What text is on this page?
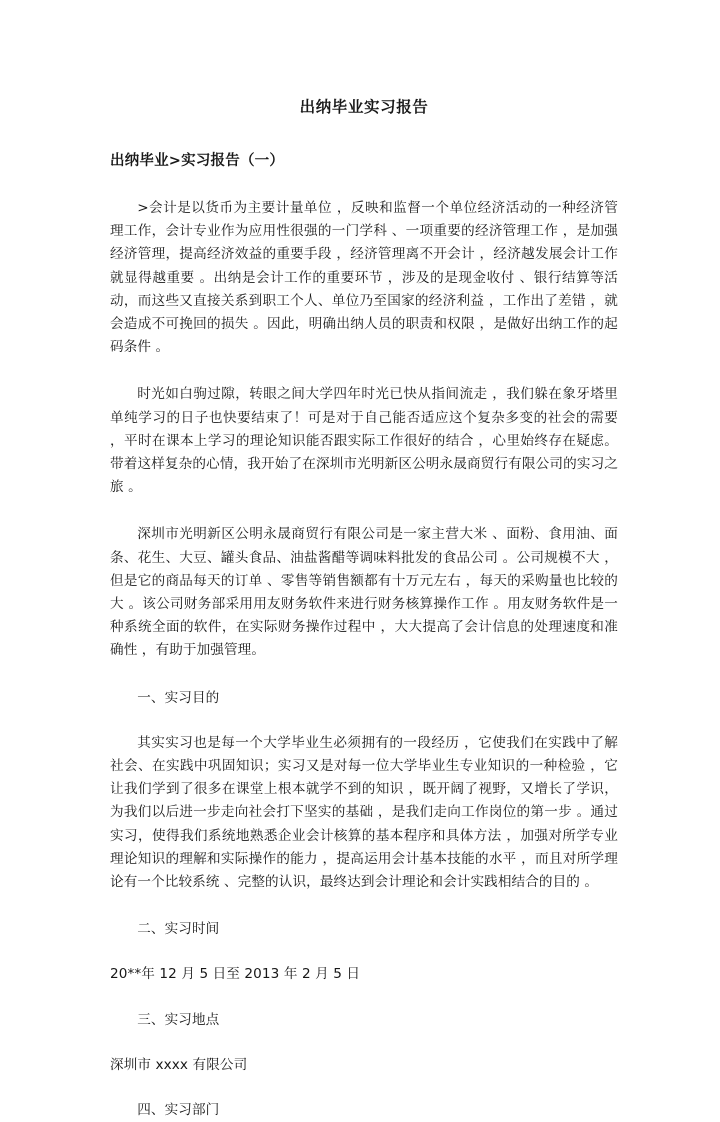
出纳毕业实习报告
出纳毕业>实习报告（一）

>会计是以货币为主要计量单位 ，反映和监督一个单位经济活动的一种经济管理工作，会计专业作为应用性很强的一门学科 、一项重要的经济管理工作 ，是加强经济管理，提高经济效益的重要手段 ，经济管理离不开会计 ，经济越发展会计工作就显得越重要 。出纳是会计工作的重要环节 ，涉及的是现金收付 、银行结算等活动，而这些又直接关系到职工个人、单位乃至国家的经济利益 ，工作出了差错 ，就会造成不可挽回的损失 。因此，明确出纳人员的职责和权限 ，是做好出纳工作的起码条件 。

时光如白驹过隙，转眼之间大学四年时光已快从指间流走 ，我们躲在象牙塔里单纯学习的日子也快要结束了！可是对于自己能否适应这个复杂多变的社会的需要 ，平时在课本上学习的理论知识能否跟实际工作很好的结合 ，心里始终存在疑虑。带着这样复杂的心情，我开始了在深圳市光明新区公明永晟商贸行有限公司的实习之旅 。

深圳市光明新区公明永晟商贸行有限公司是一家主营大米 、面粉、食用油、面条、花生、大豆、罐头食品、油盐酱醋等调味料批发的食品公司 。公司规模不大 ，但是它的商品每天的订单 、零售等销售额都有十万元左右 ，每天的采购量也比较的大 。该公司财务部采用用友财务软件来进行财务核算操作工作 。用友财务软件是一种系统全面的软件，在实际财务操作过程中 ，大大提高了会计信息的处理速度和准确性 ，有助于加强管理。

一、实习目的

其实实习也是每一个大学毕业生必须拥有的一段经历 ，它使我们在实践中了解社会、在实践中巩固知识；实习又是对每一位大学毕业生专业知识的一种检验 ，它让我们学到了很多在课堂上根本就学不到的知识 ，既开阔了视野，又增长了学识，为我们以后进一步走向社会打下坚实的基础 ，是我们走向工作岗位的第一步 。通过实习，使得我们系统地熟悉企业会计核算的基本程序和具体方法 ，加强对所学专业理论知识的理解和实际操作的能力 ，提高运用会计基本技能的水平 ，而且对所学理论有一个比较系统 、完整的认识，最终达到会计理论和会计实践相结合的目的 。

二、实习时间

20**年 12 月 5 日至 2013 年 2 月 5 日

三、实习地点

深圳市 xxxx 有限公司

四、实习部门
